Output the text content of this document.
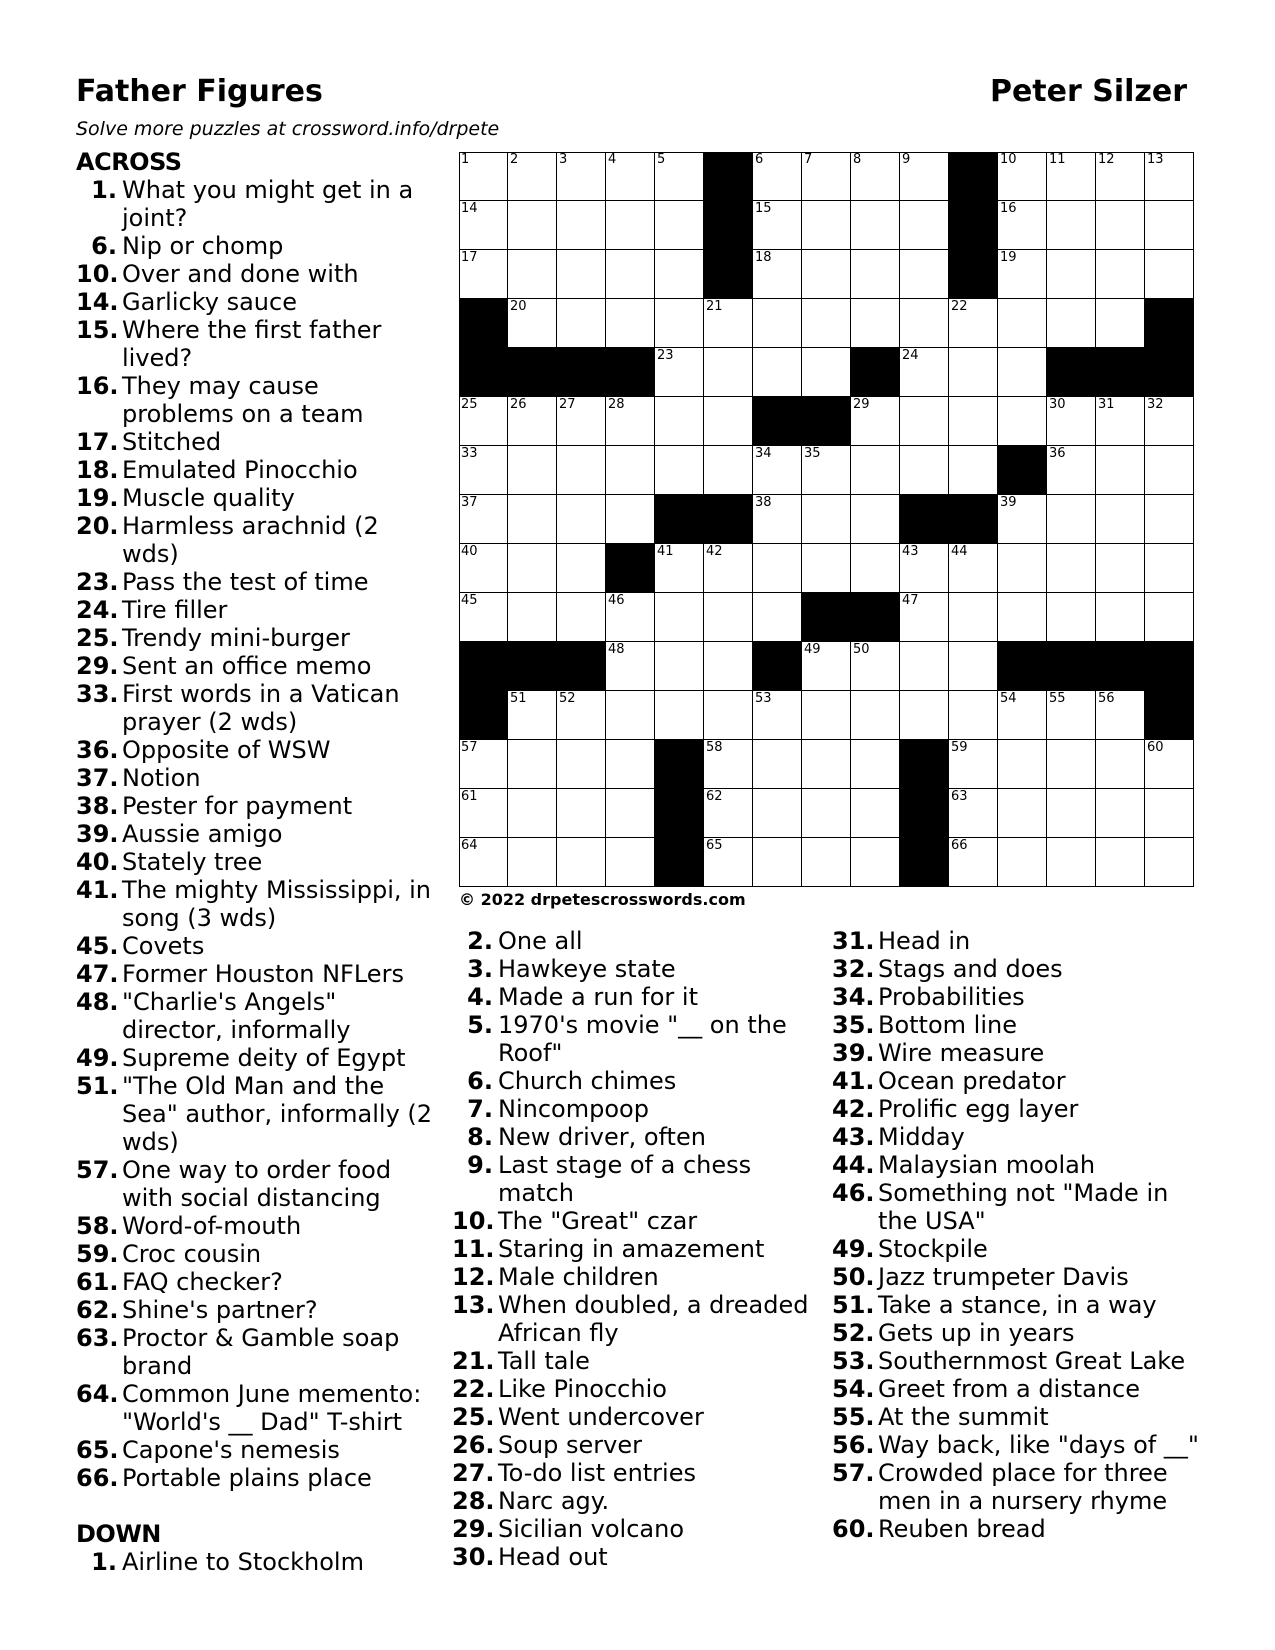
Father Figures	Peter Silzer
Solve more puzzles at crossword.info/drpete
ACROSS
1. What you might get in a joint?
6. Nip or chomp
10. Over and done with
14. Garlicky sauce
15. Where the first father lived?
16. They may cause problems on a team
17. Stitched
18. Emulated Pinocchio
19. Muscle quality
20. Harmless arachnid (2 wds)
23. Pass the test of time
24. Tire filler
25. Trendy mini-burger
29. Sent an office memo
33. First words in a Vatican prayer (2 wds)
36. Opposite of WSW
37. Notion
38. Pester for payment
39. Aussie amigo
40. Stately tree
41. The mighty Mississippi, in song (3 wds)
45. Covets
47. Former Houston NFLers
48. "Charlie's Angels" director, informally
49. Supreme deity of Egypt
51. "The Old Man and the Sea" author, informally (2 wds)
57. One way to order food with social distancing
58. Word-of-mouth
59. Croc cousin
61. FAQ checker?
62. Shine's partner?
63. Proctor & Gamble soap brand
64. Common June memento: "World's __ Dad" T-shirt
65. Capone's nemesis
66. Portable plains place
DOWN
1. Airline to Stockholm
1	2	3	4	5	6	7	8	9	10 11 12 13
14	15	16
17	18	19
20	21	22
23	24
25 26 27 28	29	30 31 32
33	34 35	36
37	38	39
40	41 42	43 44
45	46	47
48	49 50
51 52	53	54 55 56
57	58	59	60
61	62	63
64	65	66
© 2022 drpetescrosswords.com
2. One all
3. Hawkeye state
4. Made a run for it
5. 1970's movie "__ on the Roof"
6. Church chimes
7. Nincompoop
8. New driver, often
9. Last stage of a chess match
10. The "Great" czar
11. Staring in amazement
12. Male children
13. When doubled, a dreaded African fly
21. Tall tale
22. Like Pinocchio
25. Went undercover
26. Soup server
27. To-do list entries
28. Narc agy.
29. Sicilian volcano
30. Head out
31. Head in
32. Stags and does
34. Probabilities
35. Bottom line
39. Wire measure
41. Ocean predator
42. Prolific egg layer
43. Midday
44. Malaysian moolah
46. Something not "Made in the USA"
49. Stockpile
50. Jazz trumpeter Davis
51. Take a stance, in a way
52. Gets up in years
53. Southernmost Great Lake
54. Greet from a distance
55. At the summit
56. Way back, like "days of __"
57. Crowded place for three men in a nursery rhyme
60. Reuben bread
